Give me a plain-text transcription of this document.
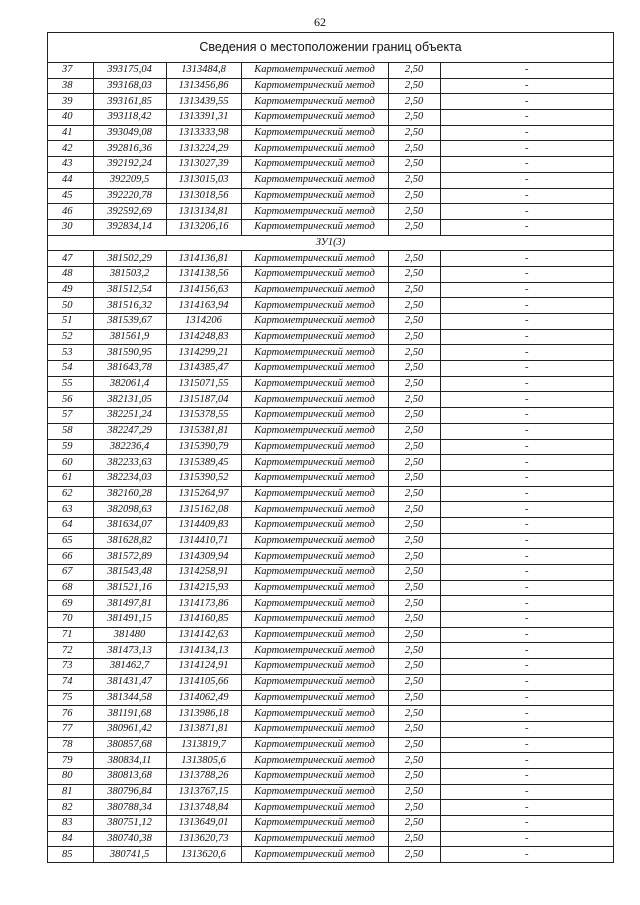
62
Сведения о местоположении границ объекта
37	393175,04	1313484,8	Картометрический метод	2,50	-
38	393168,03	1313456,86	Картометрический метод	2,50	-
39	393161,85	1313439,55	Картометрический метод	2,50	-
40	393118,42	1313391,31	Картометрический метод	2,50	-
41	393049,08	1313333,98	Картометрический метод	2,50	-
42	392816,36	1313224,29	Картометрический метод	2,50	-
43	392192,24	1313027,39	Картометрический метод	2,50	-
44	392209,5	1313015,03	Картометрический метод	2,50	-
45	392220,78	1313018,56	Картометрический метод	2,50	-
46	392592,69	1313134,81	Картометрический метод	2,50	-
30	392834,14	1313206,16	Картометрический метод	2,50	-
ЗУ1(3)					
47	381502,29	1314136,81	Картометрический метод	2,50	-
48	381503,2	1314138,56	Картометрический метод	2,50	-
49	381512,54	1314156,63	Картометрический метод	2,50	-
50	381516,32	1314163,94	Картометрический метод	2,50	-
51	381539,67	1314206	Картометрический метод	2,50	-
52	381561,9	1314248,83	Картометрический метод	2,50	-
53	381590,95	1314299,21	Картометрический метод	2,50	-
54	381643,78	1314385,47	Картометрический метод	2,50	-
55	382061,4	1315071,55	Картометрический метод	2,50	-
56	382131,05	1315187,04	Картометрический метод	2,50	-
57	382251,24	1315378,55	Картометрический метод	2,50	-
58	382247,29	1315381,81	Картометрический метод	2,50	-
59	382236,4	1315390,79	Картометрический метод	2,50	-
60	382233,63	1315389,45	Картометрический метод	2,50	-
61	382234,03	1315390,52	Картометрический метод	2,50	-
62	382160,28	1315264,97	Картометрический метод	2,50	-
63	382098,63	1315162,08	Картометрический метод	2,50	-
64	381634,07	1314409,83	Картометрический метод	2,50	-
65	381628,82	1314410,71	Картометрический метод	2,50	-
66	381572,89	1314309,94	Картометрический метод	2,50	-
67	381543,48	1314258,91	Картометрический метод	2,50	-
68	381521,16	1314215,93	Картометрический метод	2,50	-
69	381497,81	1314173,86	Картометрический метод	2,50	-
70	381491,15	1314160,85	Картометрический метод	2,50	-
71	381480	1314142,63	Картометрический метод	2,50	-
72	381473,13	1314134,13	Картометрический метод	2,50	-
73	381462,7	1314124,91	Картометрический метод	2,50	-
74	381431,47	1314105,66	Картометрический метод	2,50	-
75	381344,58	1314062,49	Картометрический метод	2,50	-
76	381191,68	1313986,18	Картометрический метод	2,50	-
77	380961,42	1313871,81	Картометрический метод	2,50	-
78	380857,68	1313819,7	Картометрический метод	2,50	-
79	380834,11	1313805,6	Картометрический метод	2,50	-
80	380813,68	1313788,26	Картометрический метод	2,50	-
81	380796,84	1313767,15	Картометрический метод	2,50	-
82	380788,34	1313748,84	Картометрический метод	2,50	-
83	380751,12	1313649,01	Картометрический метод	2,50	-
84	380740,38	1313620,73	Картометрический метод	2,50	-
85	380741,5	1313620,6	Картометрический метод	2,50	-
